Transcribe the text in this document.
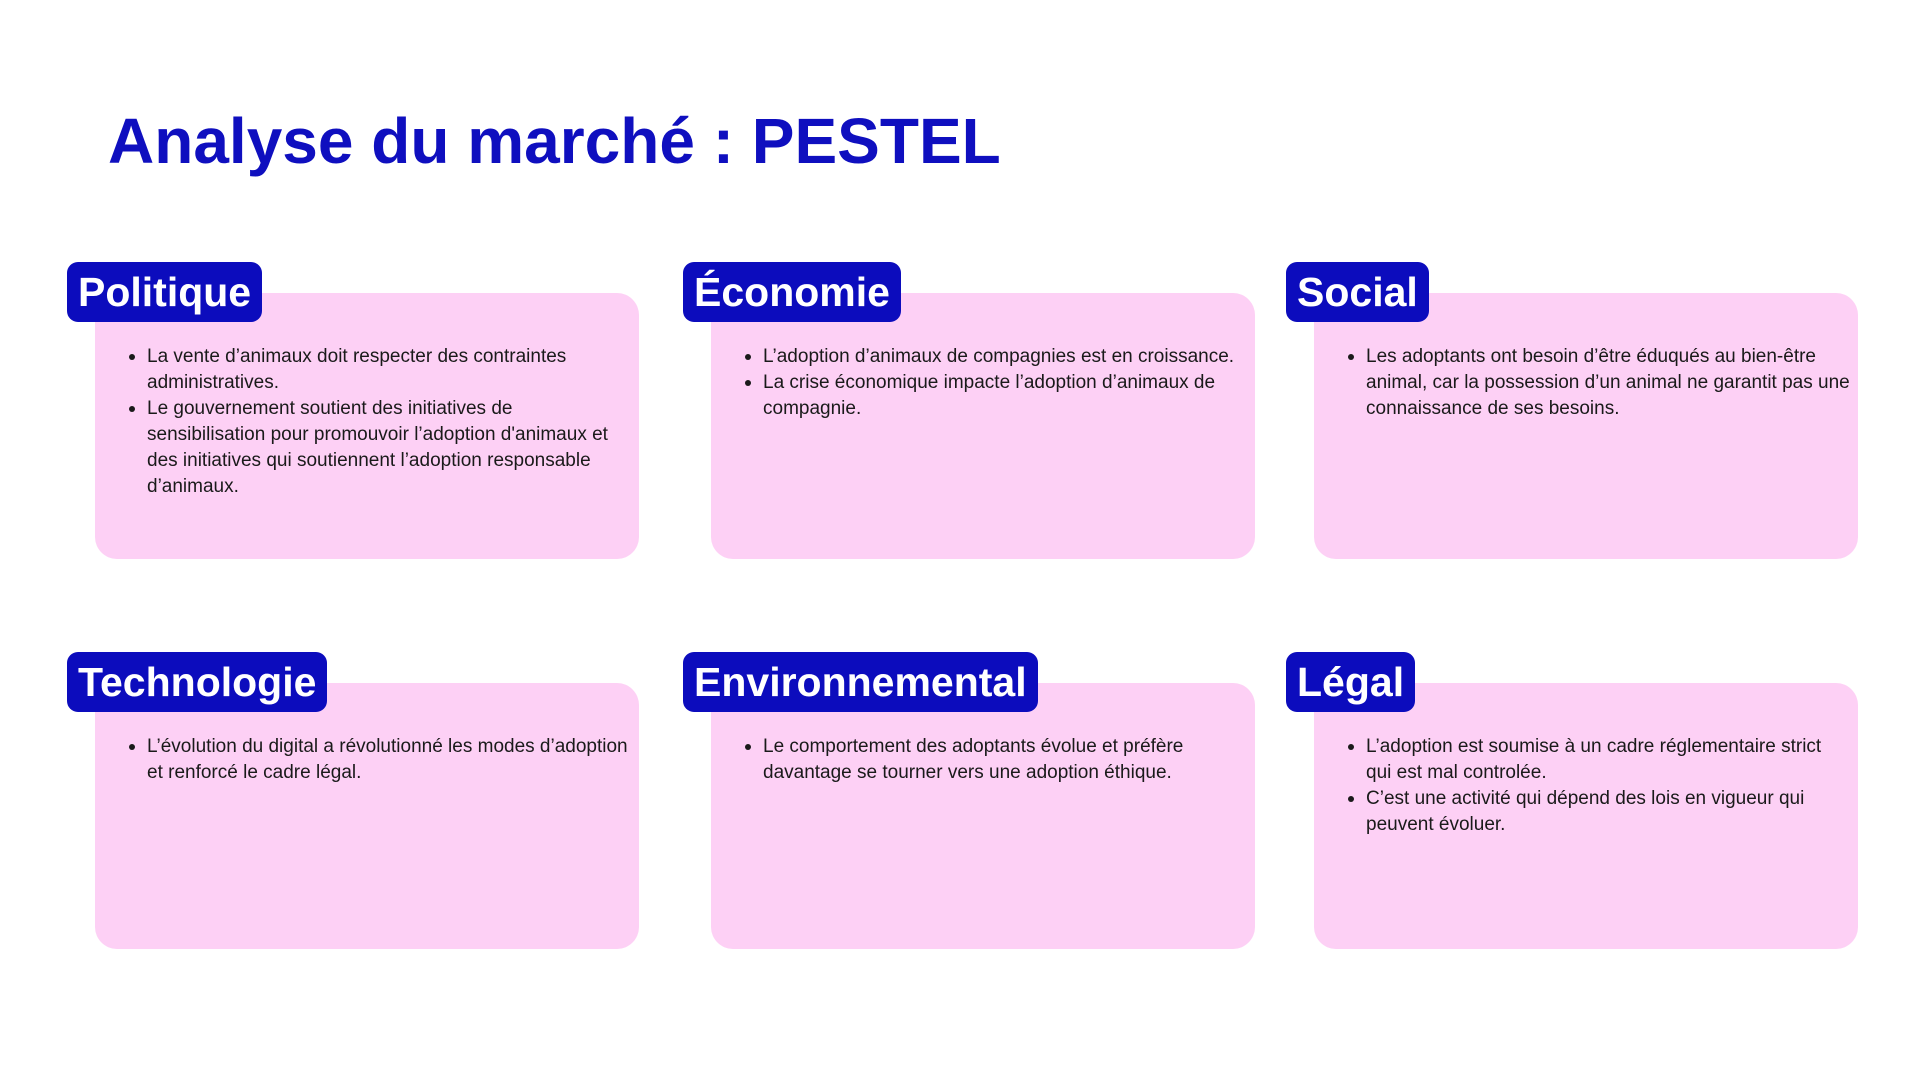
Analyse du marché : PESTEL
Politique
La vente d’animaux doit respecter des contraintes administratives.
Le gouvernement soutient des initiatives de sensibilisation pour promouvoir l’adoption d'animaux et des initiatives qui soutiennent l’adoption responsable d’animaux.
Économie
L’adoption d’animaux de compagnies est en croissance.
La crise économique impacte l’adoption d’animaux de compagnie.
Social
Les adoptants ont besoin d’être éduqués au bien-être animal, car la possession d’un animal ne garantit pas une connaissance de ses besoins.
Technologie
L’évolution du digital a révolutionné les modes d’adoption et renforcé le cadre légal.
Environnemental
Le comportement des adoptants évolue et préfère davantage se tourner vers une adoption éthique.
Légal
L’adoption est soumise à un cadre réglementaire strict qui est mal controlée.
C’est une activité qui dépend des lois en vigueur qui peuvent évoluer.
